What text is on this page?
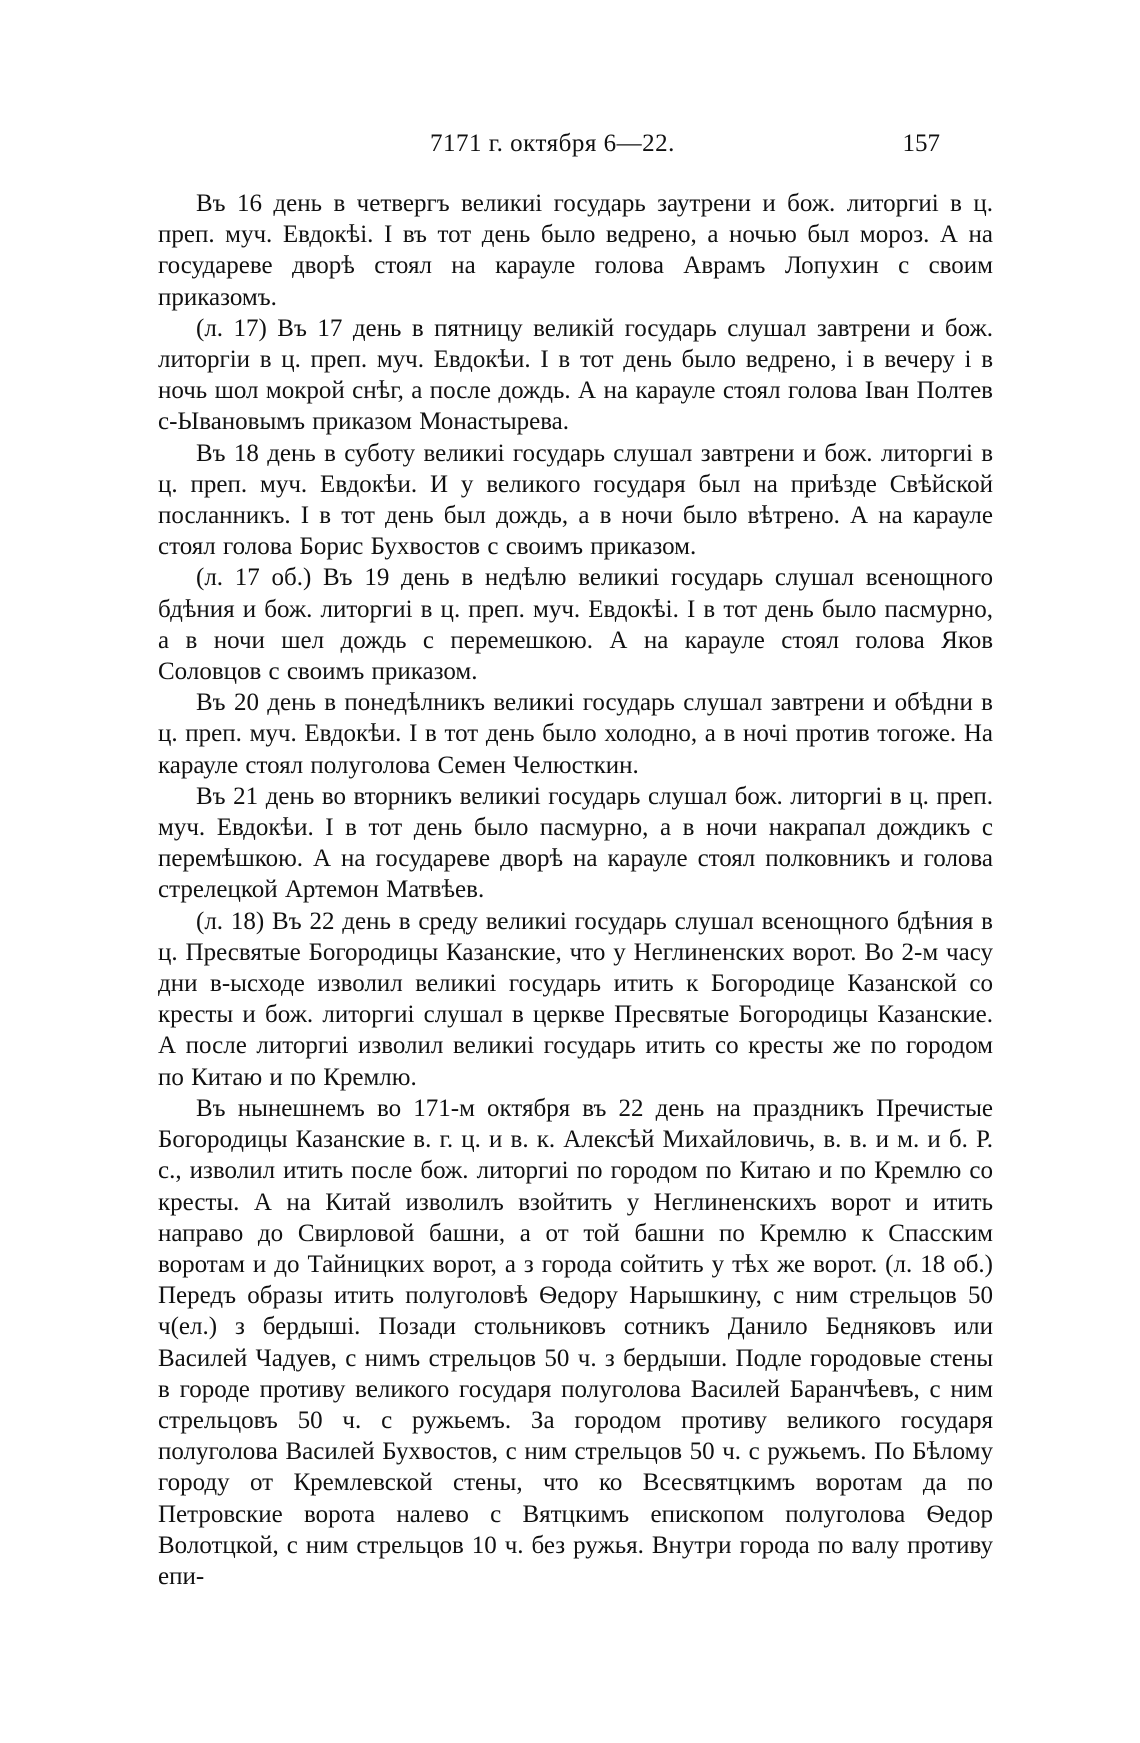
7171 г. октября 6—22.	157

Въ 16 день в четвергъ великиі государь заутрени и бож. литоргиі в ц. преп. муч. Евдокѣі. І въ тот день было ведрено, а ночью был мороз. А на государеве дворѣ стоял на карауле голова Аврамъ Лопухин с своим приказомъ.

(л. 17) Въ 17 день в пятницу великій государь слушал завтрени и бож. литоргіи в ц. преп. муч. Евдокѣи. І в тот день было ведрено, і в вечеру і в ночь шол мокрой снѣг, а после дождь. А на карауле стоял голова Іван Полтев с-Ывановымъ приказом Монастырева.

Въ 18 день в суботу великиі государь слушал завтрени и бож. литоргиі в ц. преп. муч. Евдокѣи. И у великого государя был на приѣзде Свѣйской посланникъ. І в тот день был дождь, а в ночи было вѣтрено. А на карауле стоял голова Борис Бухвостов с своимъ приказом.

(л. 17 об.) Въ 19 день в недѣлю великиі государь слушал всенощного бдѣния и бож. литоргиі в ц. преп. муч. Евдокѣі. І в тот день было пасмурно, а в ночи шел дождь с перемешкою. А на карауле стоял голова Яков Соловцов с своимъ приказом.

Въ 20 день в понедѣлникъ великиі государь слушал завтрени и обѣдни в ц. преп. муч. Евдокѣи. І в тот день было холодно, а в ночі против тогоже. На карауле стоял полуголова Семен Челюсткин.

Въ 21 день во вторникъ великиі государь слушал бож. литоргиі в ц. преп. муч. Евдокѣи. І в тот день было пасмурно, а в ночи накрапал дождикъ с перемѣшкою. А на государеве дворѣ на карауле стоял полковникъ и голова стрелецкой Артемон Матвѣев.

(л. 18) Въ 22 день в среду великиі государь слушал всенощного бдѣния в ц. Пресвятые Богородицы Казанские, что у Неглиненских ворот. Во 2-м часу дни в-ысходе изволил великиі государь итить к Богородице Казанской со кресты и бож. литоргиі слушал в церкве Пресвятые Богородицы Казанские. А после литоргиі изволил великиі государь итить со кресты же по городом по Китаю и по Кремлю.

Въ нынешнемъ во 171-м октября въ 22 день на праздникъ Пречистые Богородицы Казанские в. г. ц. и в. к. Алексѣй Михайловичь, в. в. и м. и б. Р. с., изволил итить после бож. литоргиі по городом по Китаю и по Кремлю со кресты. А на Китай изволилъ взойтить у Неглиненскихъ ворот и итить направо до Свирловой башни, а от той башни по Кремлю к Спасским воротам и до Тайницких ворот, а з города сойтить у тѣх же ворот. (л. 18 об.) Передъ образы итить полуголовѣ Ѳедору Нарышкину, с ним стрельцов 50 ч(ел.) з бердыші. Позади стольниковъ сотникъ Данило Бедняковъ или Василей Чадуев, с нимъ стрельцов 50 ч. з бердыши. Подле городовые стены в городе противу великого государя полуголова Василей Баранчѣевъ, с ним стрельцовъ 50 ч. с ружьемъ. За городом противу великого государя полуголова Василей Бухвостов, с ним стрельцов 50 ч. с ружьемъ. По Бѣлому городу от Кремлевской стены, что ко Всесвятцкимъ воротам да по Петровские ворота налево с Вятцкимъ епископом полуголова Ѳедор Волотцкой, с ним стрельцов 10 ч. без ружья. Внутри города по валу противу епи-
